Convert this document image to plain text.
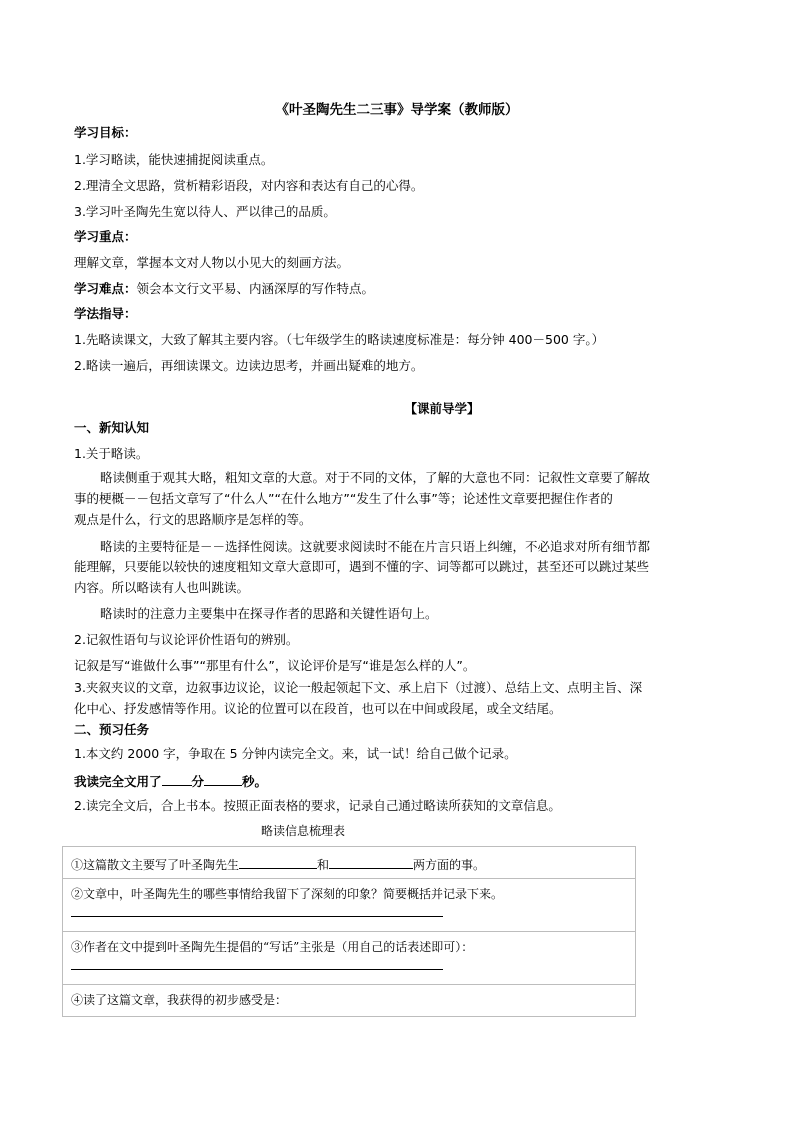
《叶圣陶先生二三事》导学案（教师版）
学习目标：
1.学习略读，能快速捕捉阅读重点。
2.理清全文思路，赏析精彩语段，对内容和表达有自己的心得。
3.学习叶圣陶先生宽以待人、严以律己的品质。
学习重点：
理解文章，掌握本文对人物以小见大的刻画方法。
学习难点：领会本文行文平易、内涵深厚的写作特点。
学法指导：
1.先略读课文，大致了解其主要内容。（七年级学生的略读速度标准是：每分钟 400－500 字。）
2.略读一遍后，再细读课文。边读边思考，并画出疑难的地方。
【课前导学】
一、新知认知
1.关于略读。
略读侧重于观其大略，粗知文章的大意。对于不同的文体，了解的大意也不同：记叙性文章要了解故
事的梗概－－包括文章写了“什么人”“在什么地方”“发生了什么事”等；论述性文章要把握住作者的
观点是什么，行文的思路顺序是怎样的等。
略读的主要特征是－－选择性阅读。这就要求阅读时不能在片言只语上纠缠，不必追求对所有细节都
能理解，只要能以较快的速度粗知文章大意即可，遇到不懂的字、词等都可以跳过，甚至还可以跳过某些
内容。所以略读有人也叫跳读。
略读时的注意力主要集中在探寻作者的思路和关键性语句上。
2.记叙性语句与议论评价性语句的辨别。
记叙是写“谁做什么事”“那里有什么”，议论评价是写“谁是怎么样的人”。
3.夹叙夹议的文章，边叙事边议论，议论一般起领起下文、承上启下（过渡）、总结上文、点明主旨、深
化中心、抒发感情等作用。议论的位置可以在段首，也可以在中间或段尾，或全文结尾。
二、预习任务
1.本文约 2000 字，争取在 5 分钟内读完全文。来，试一试！给自己做个记录。
我读完全文用了 分	秒。
2.读完全文后，合上书本。按照正面表格的要求，记录自己通过略读所获知的文章信息。
略读信息梳理表
①这篇散文主要写了叶圣陶先生	和	两方面的事。

②文章中，叶圣陶先生的哪些事情给我留下了深刻的印象？简要概括并记录下来。

③作者在文中提到叶圣陶先生提倡的“写话”主张是（用自己的话表述即可）：

④读了这篇文章，我获得的初步感受是：
